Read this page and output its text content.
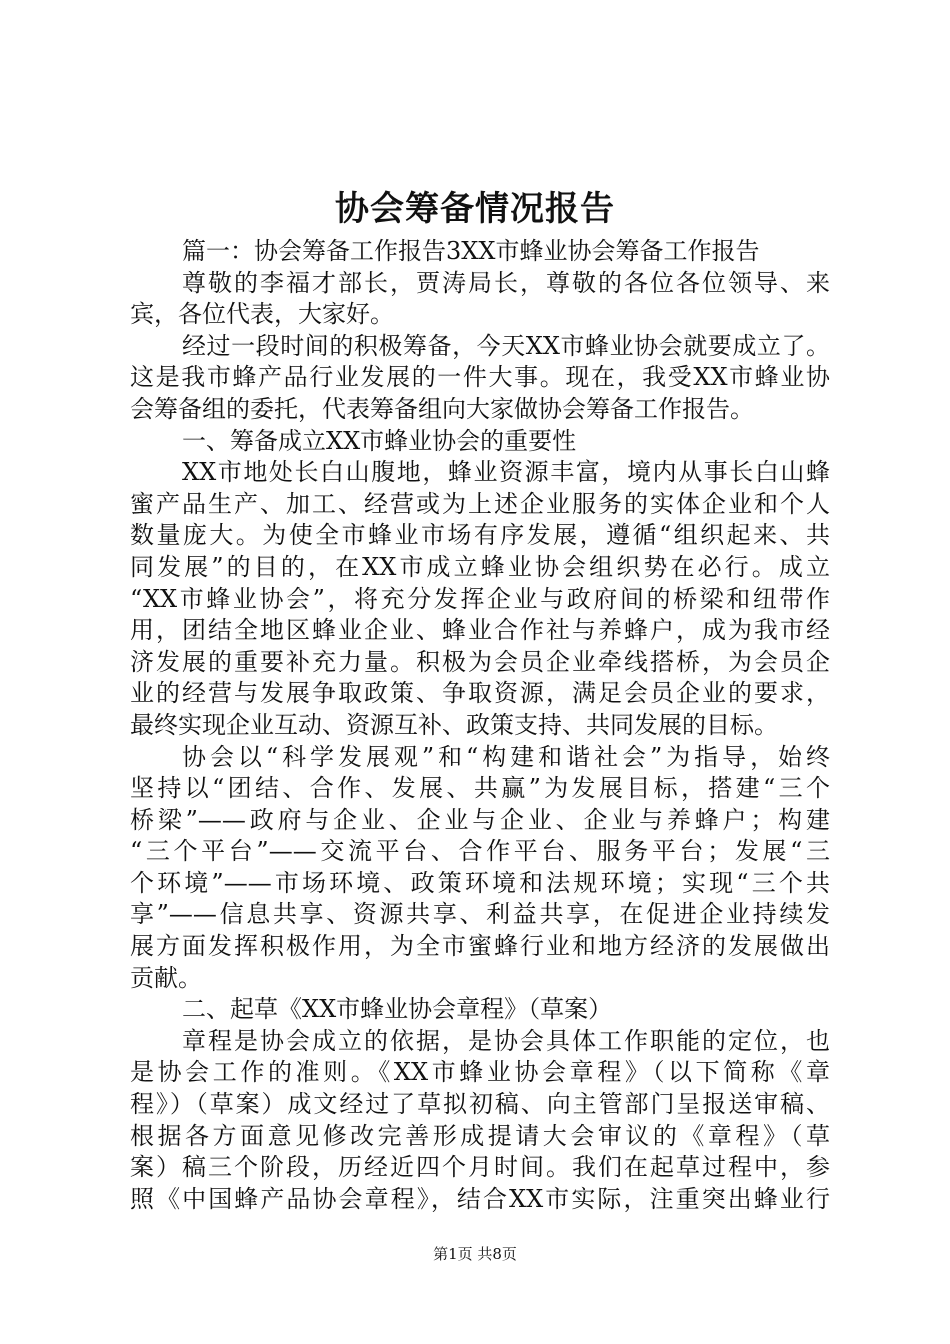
协会筹备情况报告
篇一：协会筹备工作报告3XX市蜂业协会筹备工作报告
尊敬的李福才部长，贾涛局长，尊敬的各位各位领导、来
宾，各位代表，大家好。
经过一段时间的积极筹备，今天XX市蜂业协会就要成立了。
这是我市蜂产品行业发展的一件大事。现在，我受XX市蜂业协
会筹备组的委托，代表筹备组向大家做协会筹备工作报告。
一、筹备成立XX市蜂业协会的重要性
XX市地处长白山腹地，蜂业资源丰富，境内从事长白山蜂
蜜产品生产、加工、经营或为上述企业服务的实体企业和个人
数量庞大。为使全市蜂业市场有序发展，遵循“组织起来、共
同发展”的目的，在XX市成立蜂业协会组织势在必行。成立
“XX市蜂业协会”，将充分发挥企业与政府间的桥梁和纽带作
用，团结全地区蜂业企业、蜂业合作社与养蜂户，成为我市经
济发展的重要补充力量。积极为会员企业牵线搭桥，为会员企
业的经营与发展争取政策、争取资源，满足会员企业的要求，
最终实现企业互动、资源互补、政策支持、共同发展的目标。
协会以“科学发展观”和“构建和谐社会”为指导，始终
坚持以“团结、合作、发展、共赢”为发展目标，搭建“三个
桥梁”——政府与企业、企业与企业、企业与养蜂户；构建
“三个平台”——交流平台、合作平台、服务平台；发展“三
个环境”——市场环境、政策环境和法规环境；实现“三个共
享”——信息共享、资源共享、利益共享，在促进企业持续发
展方面发挥积极作用，为全市蜜蜂行业和地方经济的发展做出
贡献。
二、起草《XX市蜂业协会章程》（草案）
章程是协会成立的依据，是协会具体工作职能的定位，也
是协会工作的准则。《XX市蜂业协会章程》（以下简称《章
程》）（草案）成文经过了草拟初稿、向主管部门呈报送审稿、
根据各方面意见修改完善形成提请大会审议的《章程》（草
案）稿三个阶段，历经近四个月时间。我们在起草过程中，参
照《中国蜂产品协会章程》，结合XX市实际，注重突出蜂业行
第1页 共8页
